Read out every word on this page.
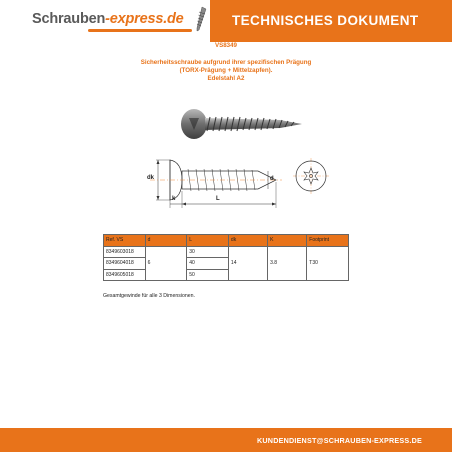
Schrauben-express.de	TECHNISCHES DOKUMENT
VS8349
Sicherheitsschraube aufgrund ihrer spezifischen Prägung
(TORX-Prägung + Mittelzapfen).
Edelstahl A2
dk	d
k	L
Ref. VS	d	L	dk	K	Footprint
8349603018	6	30	14	3.8	T30
8349604018		40			
8349605018		50			
Gesamtgewinde für alle 3 Dimensionen.
KUNDENDIENST@SCHRAUBEN-EXPRESS.DE
